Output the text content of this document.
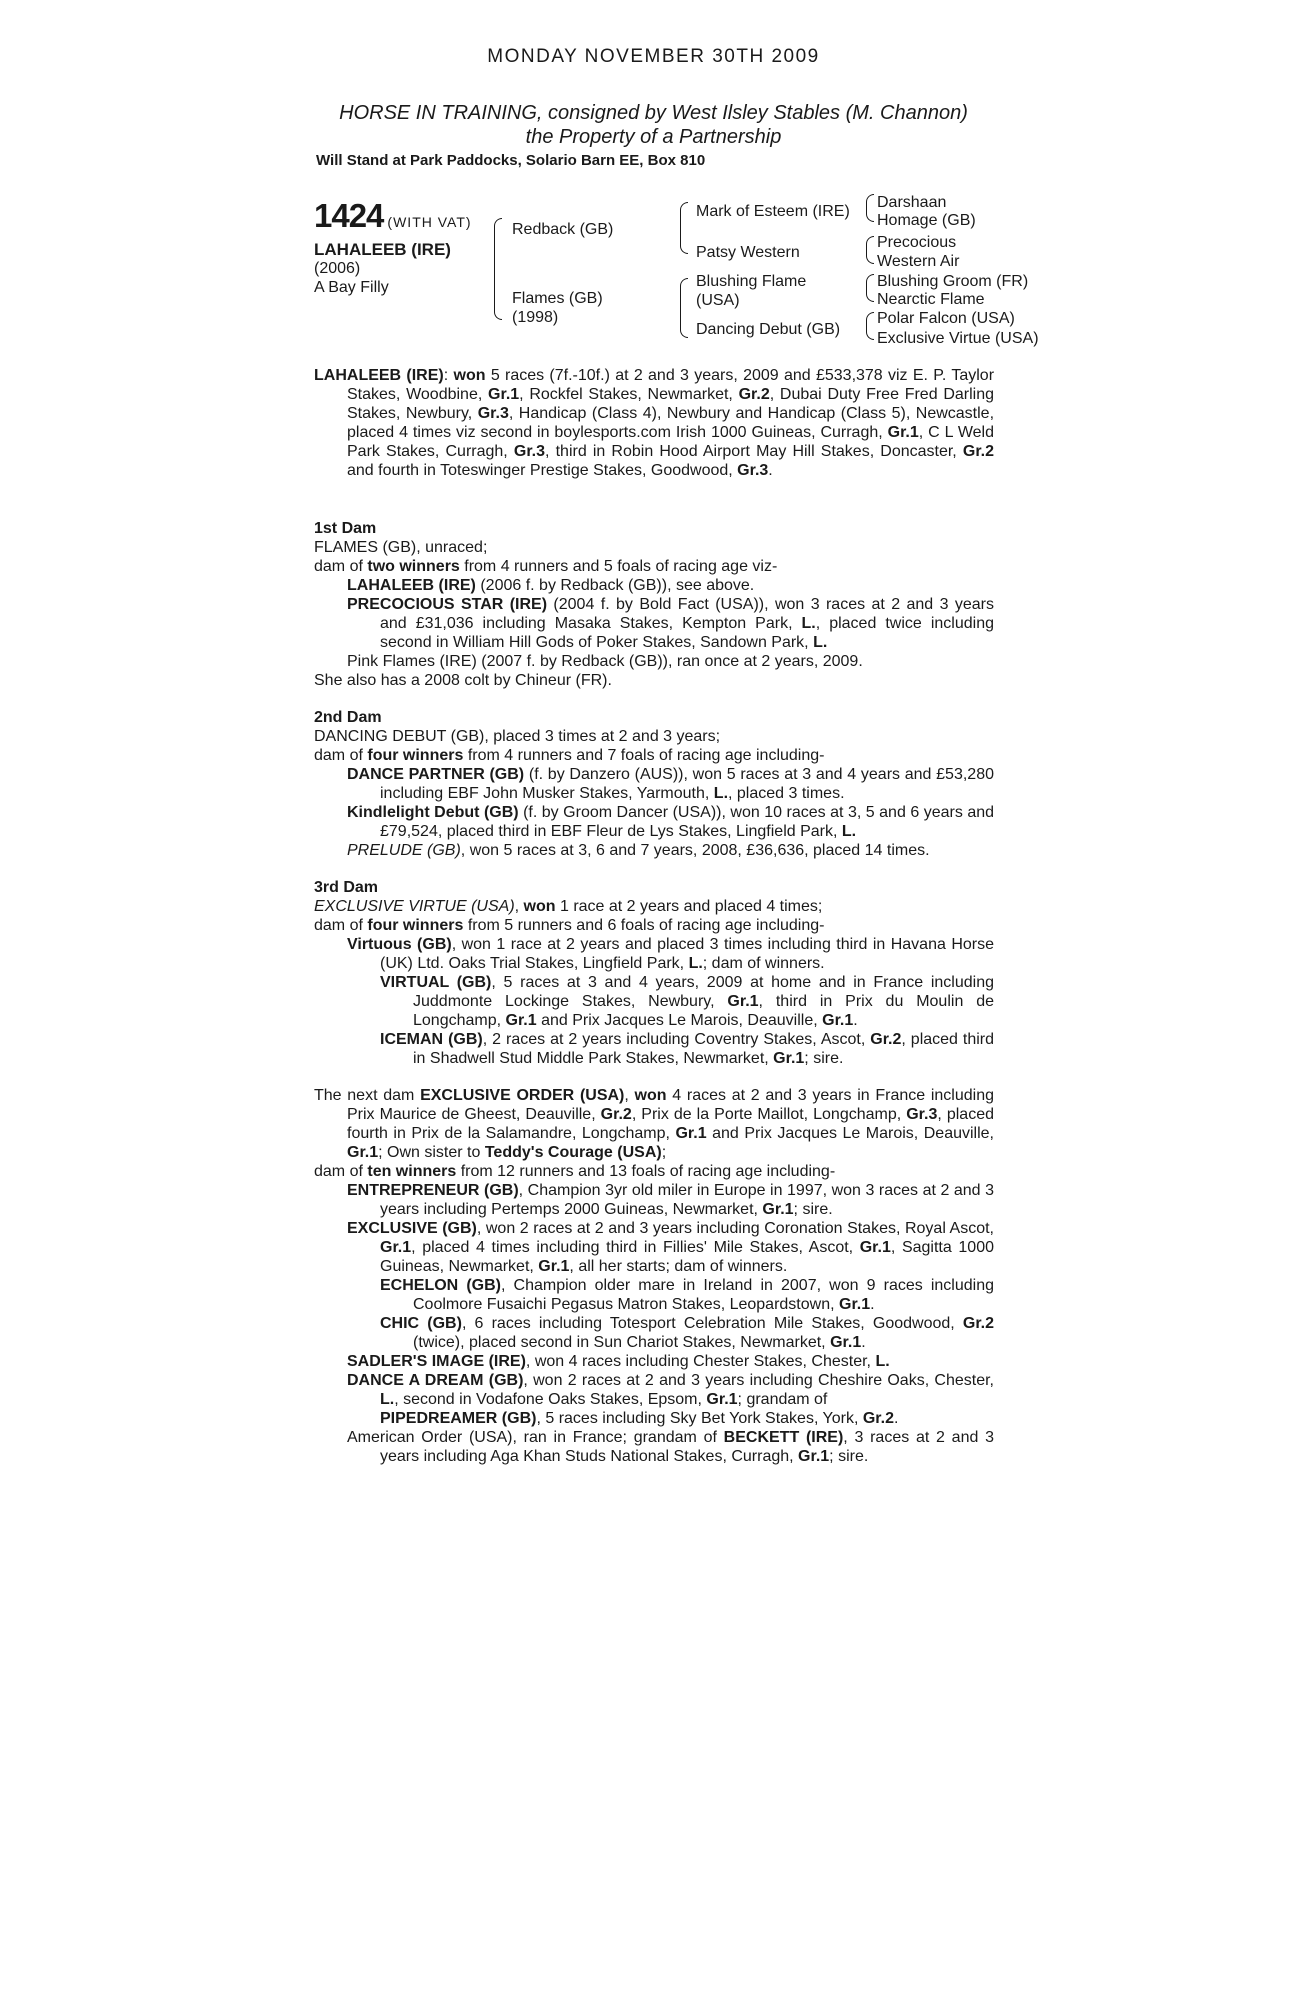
MONDAY NOVEMBER 30TH 2009
HORSE IN TRAINING, consigned by West Ilsley Stables (M. Channon)
the Property of a Partnership
Will Stand at Park Paddocks, Solario Barn EE, Box 810
1424 (WITH VAT)
LAHALEEB (IRE)
(2006)
A Bay Filly
Redback (GB)
Flames (GB)
(1998)
Mark of Esteem (IRE)
Patsy Western
Blushing Flame
(USA)
Dancing Debut (GB)
Darshaan
Homage (GB)
Precocious
Western Air
Blushing Groom (FR)
Nearctic Flame
Polar Falcon (USA)
Exclusive Virtue (USA)

LAHALEEB (IRE): won 5 races (7f.-10f.) at 2 and 3 years, 2009 and £533,378 viz E. P. Taylor Stakes, Woodbine, Gr.1, Rockfel Stakes, Newmarket, Gr.2, Dubai Duty Free Fred Darling Stakes, Newbury, Gr.3, Handicap (Class 4), Newbury and Handicap (Class 5), Newcastle, placed 4 times viz second in boylesports.com Irish 1000 Guineas, Curragh, Gr.1, C L Weld Park Stakes, Curragh, Gr.3, third in Robin Hood Airport May Hill Stakes, Doncaster, Gr.2 and fourth in Toteswinger Prestige Stakes, Goodwood, Gr.3.

1st Dam

FLAMES (GB), unraced;

dam of two winners from 4 runners and 5 foals of racing age viz-

LAHALEEB (IRE) (2006 f. by Redback (GB)), see above.

PRECOCIOUS STAR (IRE) (2004 f. by Bold Fact (USA)), won 3 races at 2 and 3 years and £31,036 including Masaka Stakes, Kempton Park, L., placed twice including second in William Hill Gods of Poker Stakes, Sandown Park, L.

Pink Flames (IRE) (2007 f. by Redback (GB)), ran once at 2 years, 2009.

She also has a 2008 colt by Chineur (FR).

2nd Dam

DANCING DEBUT (GB), placed 3 times at 2 and 3 years;

dam of four winners from 4 runners and 7 foals of racing age including-

DANCE PARTNER (GB) (f. by Danzero (AUS)), won 5 races at 3 and 4 years and £53,280 including EBF John Musker Stakes, Yarmouth, L., placed 3 times.

Kindlelight Debut (GB) (f. by Groom Dancer (USA)), won 10 races at 3, 5 and 6 years and £79,524, placed third in EBF Fleur de Lys Stakes, Lingfield Park, L.

PRELUDE (GB), won 5 races at 3, 6 and 7 years, 2008, £36,636, placed 14 times.

3rd Dam

EXCLUSIVE VIRTUE (USA), won 1 race at 2 years and placed 4 times;

dam of four winners from 5 runners and 6 foals of racing age including-

Virtuous (GB), won 1 race at 2 years and placed 3 times including third in Havana Horse (UK) Ltd. Oaks Trial Stakes, Lingfield Park, L.; dam of winners.

VIRTUAL (GB), 5 races at 3 and 4 years, 2009 at home and in France including Juddmonte Lockinge Stakes, Newbury, Gr.1, third in Prix du Moulin de Longchamp, Gr.1 and Prix Jacques Le Marois, Deauville, Gr.1.

ICEMAN (GB), 2 races at 2 years including Coventry Stakes, Ascot, Gr.2, placed third in Shadwell Stud Middle Park Stakes, Newmarket, Gr.1; sire.

The next dam EXCLUSIVE ORDER (USA), won 4 races at 2 and 3 years in France including Prix Maurice de Gheest, Deauville, Gr.2, Prix de la Porte Maillot, Longchamp, Gr.3, placed fourth in Prix de la Salamandre, Longchamp, Gr.1 and Prix Jacques Le Marois, Deauville, Gr.1; Own sister to Teddy's Courage (USA);

dam of ten winners from 12 runners and 13 foals of racing age including-

ENTREPRENEUR (GB), Champion 3yr old miler in Europe in 1997, won 3 races at 2 and 3 years including Pertemps 2000 Guineas, Newmarket, Gr.1; sire.

EXCLUSIVE (GB), won 2 races at 2 and 3 years including Coronation Stakes, Royal Ascot, Gr.1, placed 4 times including third in Fillies' Mile Stakes, Ascot, Gr.1, Sagitta 1000 Guineas, Newmarket, Gr.1, all her starts; dam of winners.

ECHELON (GB), Champion older mare in Ireland in 2007, won 9 races including Coolmore Fusaichi Pegasus Matron Stakes, Leopardstown, Gr.1.

CHIC (GB), 6 races including Totesport Celebration Mile Stakes, Goodwood, Gr.2 (twice), placed second in Sun Chariot Stakes, Newmarket, Gr.1.

SADLER'S IMAGE (IRE), won 4 races including Chester Stakes, Chester, L.

DANCE A DREAM (GB), won 2 races at 2 and 3 years including Cheshire Oaks, Chester, L., second in Vodafone Oaks Stakes, Epsom, Gr.1; grandam of

PIPEDREAMER (GB), 5 races including Sky Bet York Stakes, York, Gr.2.

American Order (USA), ran in France; grandam of BECKETT (IRE), 3 races at 2 and 3 years including Aga Khan Studs National Stakes, Curragh, Gr.1; sire.
